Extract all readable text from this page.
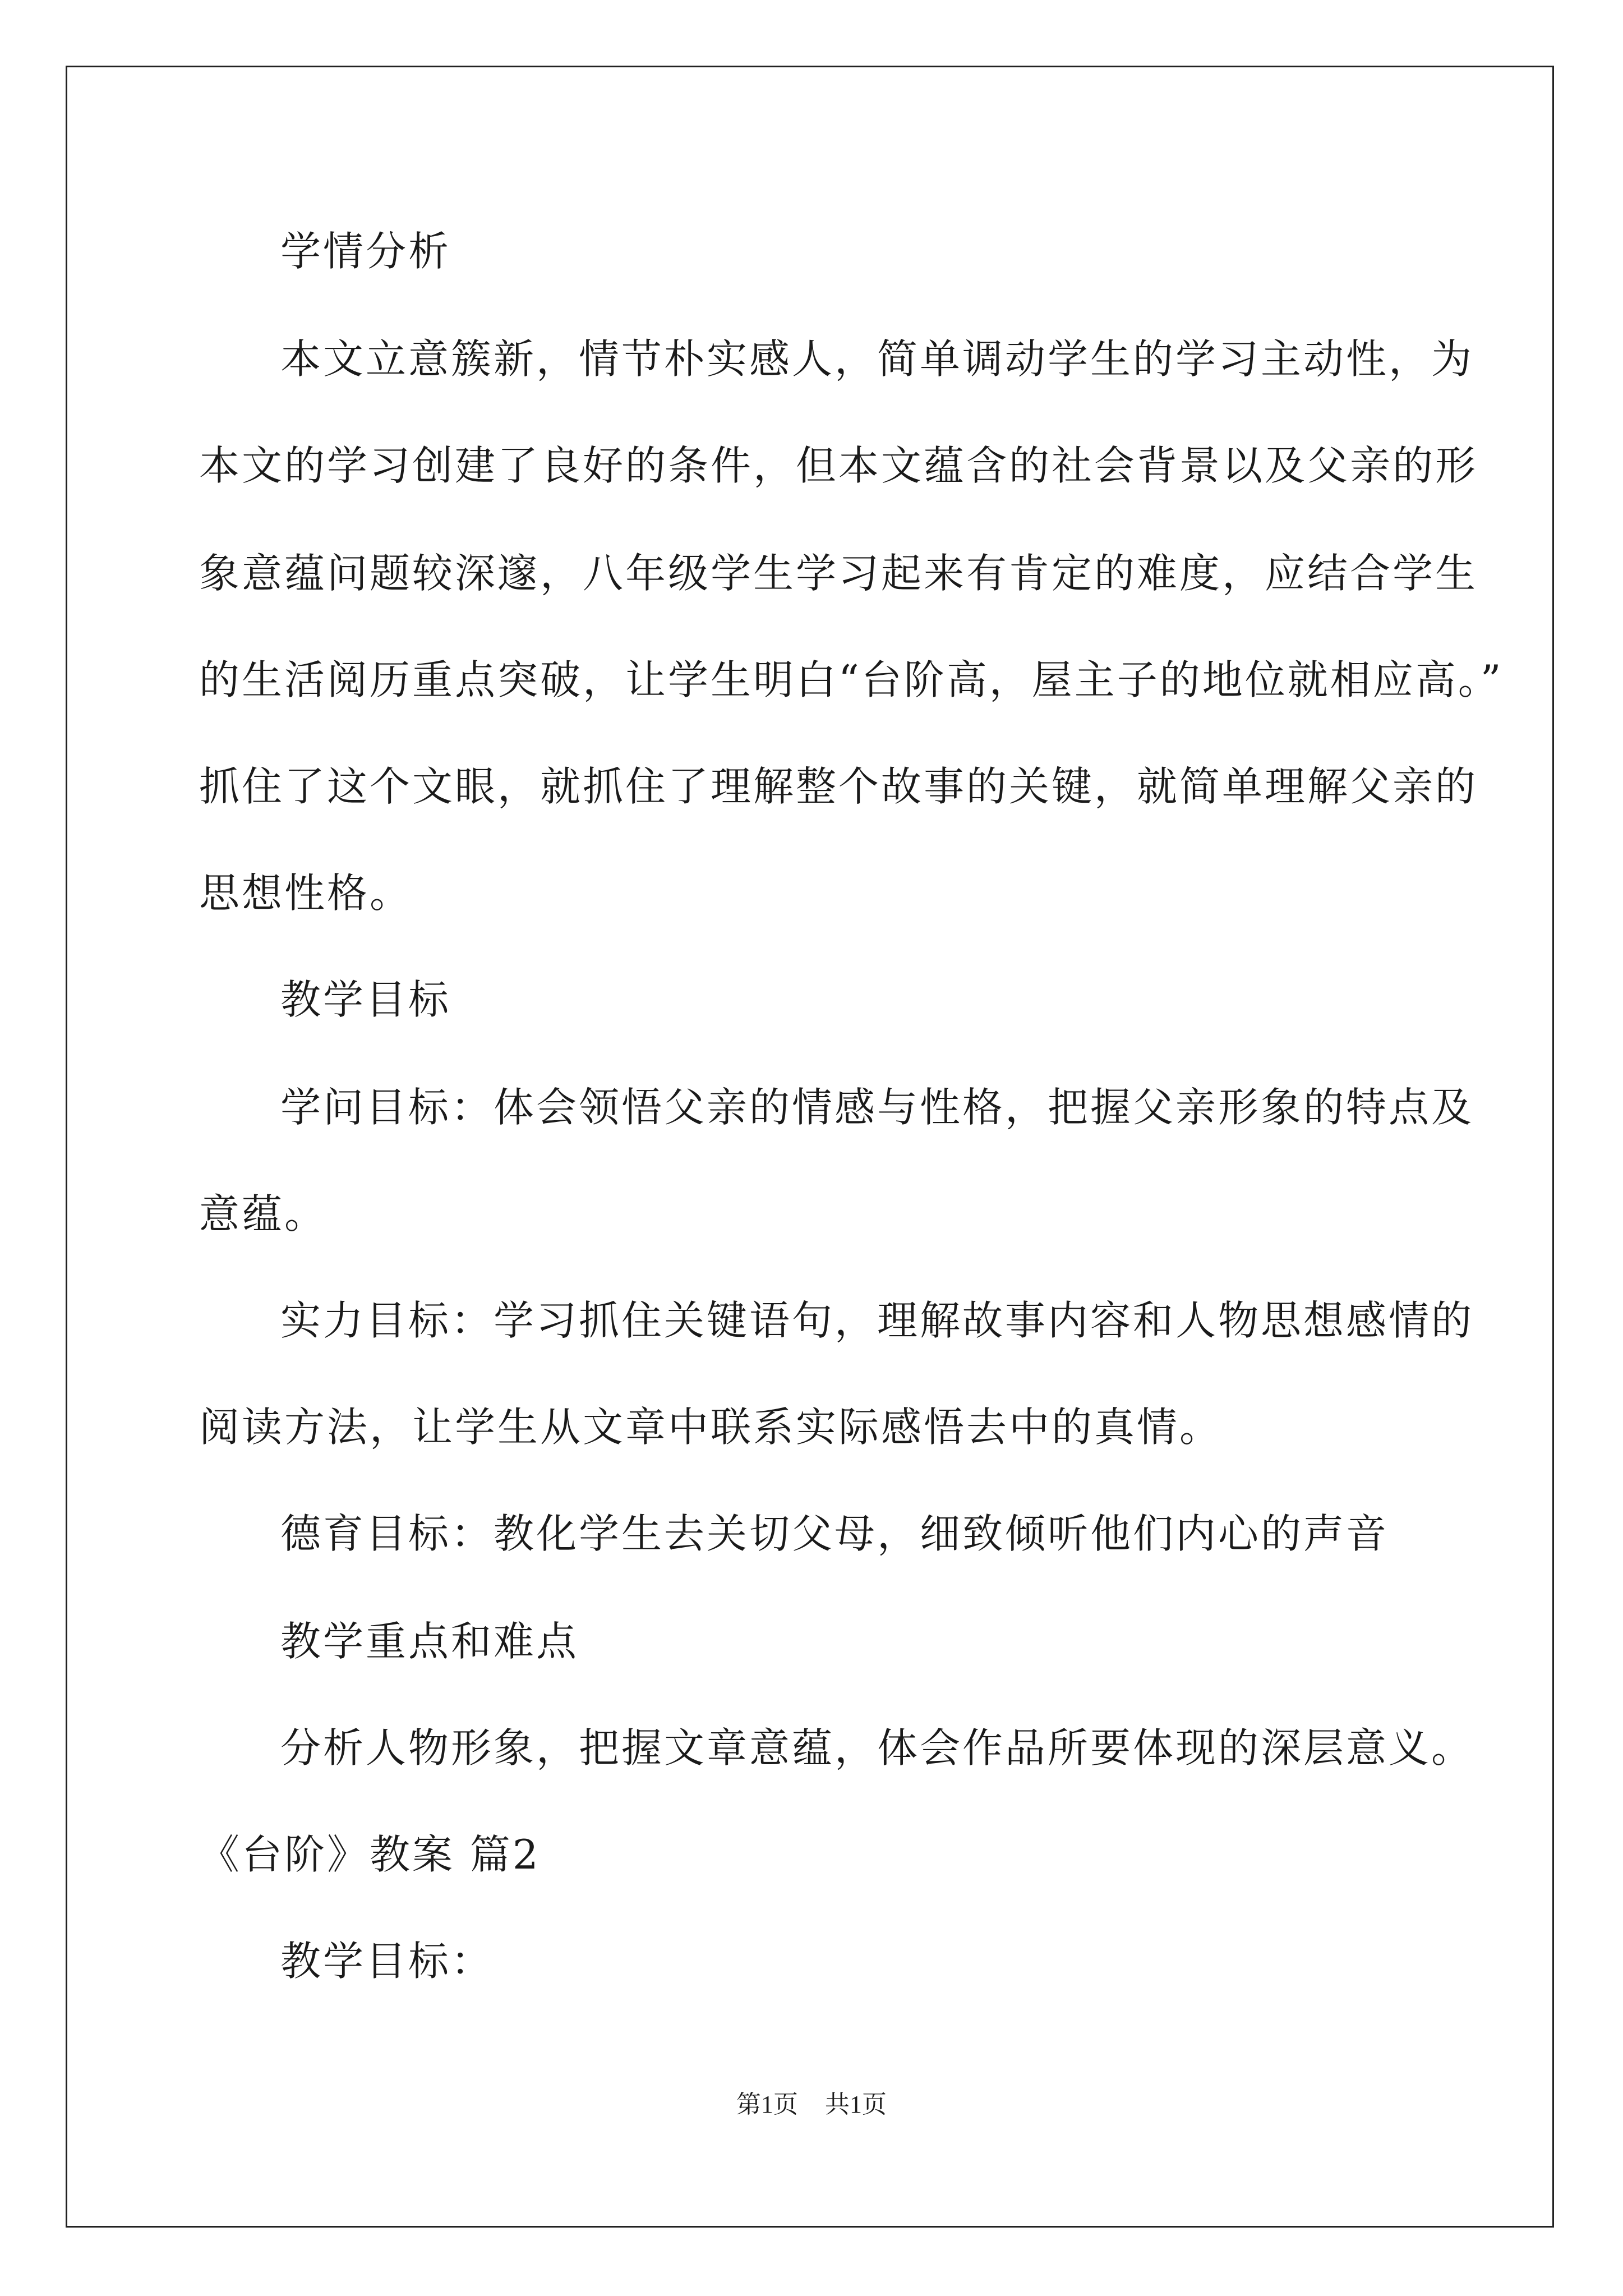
学情分析
本文立意簇新，情节朴实感人，简单调动学生的学习主动性，为
本文的学习创建了良好的条件，但本文蕴含的社会背景以及父亲的形
象意蕴问题较深邃，八年级学生学习起来有肯定的难度，应结合学生
的生活阅历重点突破，让学生明白“台阶高，屋主子的地位就相应高。”
抓住了这个文眼，就抓住了理解整个故事的关键，就简单理解父亲的
思想性格。
教学目标
学问目标：体会领悟父亲的情感与性格，把握父亲形象的特点及
意蕴。
实力目标：学习抓住关键语句，理解故事内容和人物思想感情的
阅读方法，让学生从文章中联系实际感悟去中的真情。
德育目标：教化学生去关切父母，细致倾听他们内心的声音
教学重点和难点
分析人物形象，把握文章意蕴，体会作品所要体现的深层意义。
《台阶》教案 篇2
教学目标：
第1页 共1页
